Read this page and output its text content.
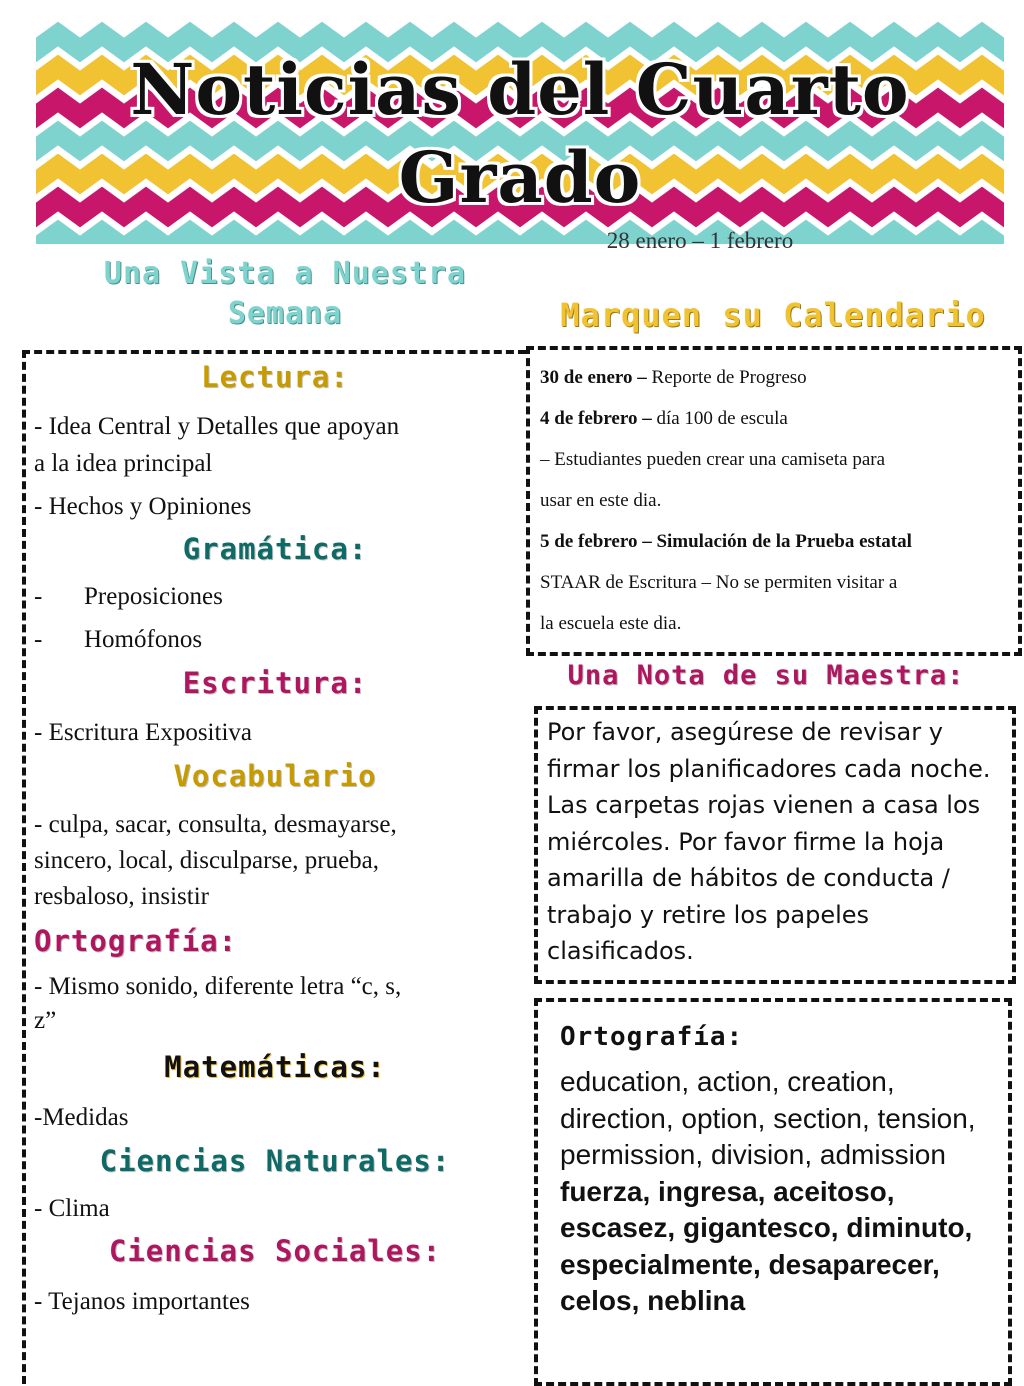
Noticias del Cuarto
Grado
28 enero – 1 febrero
Una Vista a Nuestra
Semana	Marquen su Calendario
Lectura:
- Idea Central y Detalles que apoyan
a la idea principal
- Hechos y Opiniones
Gramática:
- Preposiciones
- Homófonos
Escritura:
- Escritura Expositiva
Vocabulario
- culpa, sacar, consulta, desmayarse,
sincero, local, disculparse, prueba,
resbaloso, insistir
Ortografía:
- Mismo sonido, diferente letra “c, s,
z”
Matemáticas:
-Medidas
Ciencias Naturales:
- Clima
Ciencias Sociales:
- Tejanos importantes
30 de enero – Reporte de Progreso
4 de febrero – día 100 de escula
– Estudiantes pueden crear una camiseta para
usar en este dia.
5 de febrero – Simulación de la Prueba estatal
STAAR de Escritura – No se permiten visitar a
la escuela este dia.
Una Nota de su Maestra:
Por favor, asegúrese de revisar y firmar los planificadores cada noche. Las carpetas rojas vienen a casa los miércoles. Por favor firme la hoja amarilla de hábitos de conducta / trabajo y retire los papeles clasificados.
Ortografía:
education, action, creation, direction, option, section, tension, permission, division, admission
fuerza, ingresa, aceitoso, escasez, gigantesco, diminuto, especialmente, desaparecer, celos, neblina
